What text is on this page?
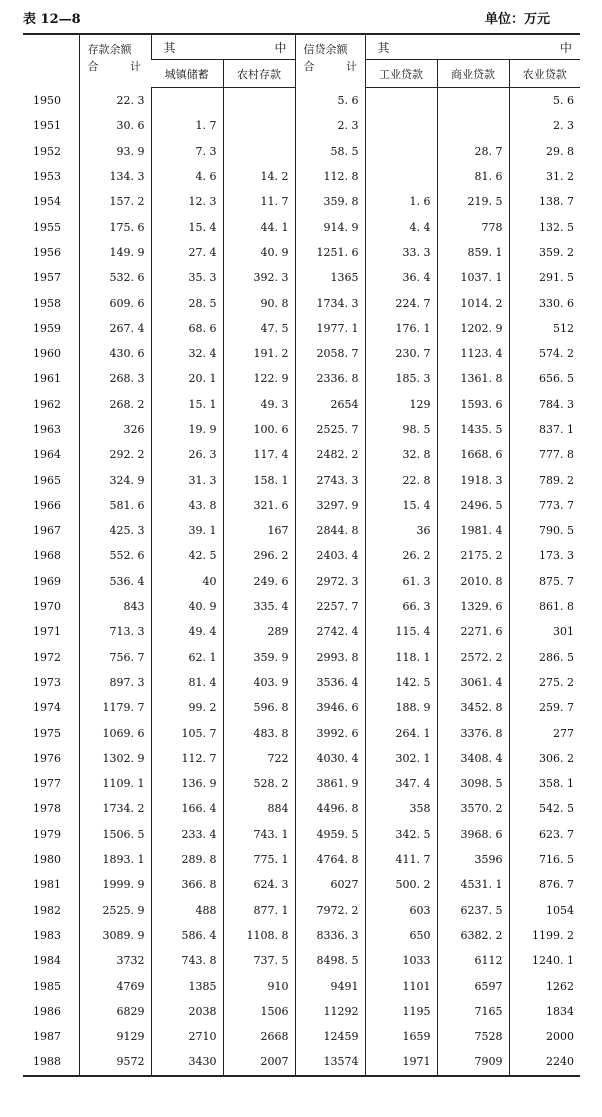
表 12—8	单位：万元

	存款余额
合 计	其 中		信贷余额
合 计	其 中		

		城镇储蓄	农村存款		工业贷款	商业贷款	农业贷款
1950	22. 3			5. 6			5. 6
1951	30. 6	1. 7		2. 3			2. 3
1952	93. 9	7. 3		58. 5		28. 7	29. 8
1953	134. 3	4. 6	14. 2	112. 8		81. 6	31. 2
1954	157. 2	12. 3	11. 7	359. 8	1. 6	219. 5	138. 7
1955	175. 6	15. 4	44. 1	914. 9	4. 4	778	132. 5
1956	149. 9	27. 4	40. 9	1251. 6	33. 3	859. 1	359. 2
1957	532. 6	35. 3	392. 3	1365	36. 4	1037. 1	291. 5
1958	609. 6	28. 5	90. 8	1734. 3	224. 7	1014. 2	330. 6
1959	267. 4	68. 6	47. 5	1977. 1	176. 1	1202. 9	512
1960	430. 6	32. 4	191. 2	2058. 7	230. 7	1123. 4	574. 2
1961	268. 3	20. 1	122. 9	2336. 8	185. 3	1361. 8	656. 5
1962	268. 2	15. 1	49. 3	2654	129	1593. 6	784. 3
1963	326	19. 9	100. 6	2525. 7	98. 5	1435. 5	837. 1
1964	292. 2	26. 3	117. 4	2482. 2	32. 8	1668. 6	777. 8
1965	324. 9	31. 3	158. 1	2743. 3	22. 8	1918. 3	789. 2
1966	581. 6	43. 8	321. 6	3297. 9	15. 4	2496. 5	773. 7
1967	425. 3	39. 1	167	2844. 8	36	1981. 4	790. 5
1968	552. 6	42. 5	296. 2	2403. 4	26. 2	2175. 2	173. 3
1969	536. 4	40	249. 6	2972. 3	61. 3	2010. 8	875. 7
1970	843	40. 9	335. 4	2257. 7	66. 3	1329. 6	861. 8
1971	713. 3	49. 4	289	2742. 4	115. 4	2271. 6	301
1972	756. 7	62. 1	359. 9	2993. 8	118. 1	2572. 2	286. 5
1973	897. 3	81. 4	403. 9	3536. 4	142. 5	3061. 4	275. 2
1974	1179. 7	99. 2	596. 8	3946. 6	188. 9	3452. 8	259. 7
1975	1069. 6	105. 7	483. 8	3992. 6	264. 1	3376. 8	277
1976	1302. 9	112. 7	722	4030. 4	302. 1	3408. 4	306. 2
1977	1109. 1	136. 9	528. 2	3861. 9	347. 4	3098. 5	358. 1
1978	1734. 2	166. 4	884	4496. 8	358	3570. 2	542. 5
1979	1506. 5	233. 4	743. 1	4959. 5	342. 5	3968. 6	623. 7
1980	1893. 1	289. 8	775. 1	4764. 8	411. 7	3596	716. 5
1981	1999. 9	366. 8	624. 3	6027	500. 2	4531. 1	876. 7
1982	2525. 9	488	877. 1	7972. 2	603	6237. 5	1054
1983	3089. 9	586. 4	1108. 8	8336. 3	650	6382. 2	1199. 2
1984	3732	743. 8	737. 5	8498. 5	1033	6112	1240. 1
1985	4769	1385	910	9491	1101	6597	1262
1986	6829	2038	1506	11292	1195	7165	1834
1987	9129	2710	2668	12459	1659	7528	2000
1988	9572	3430	2007	13574	1971	7909	2240
